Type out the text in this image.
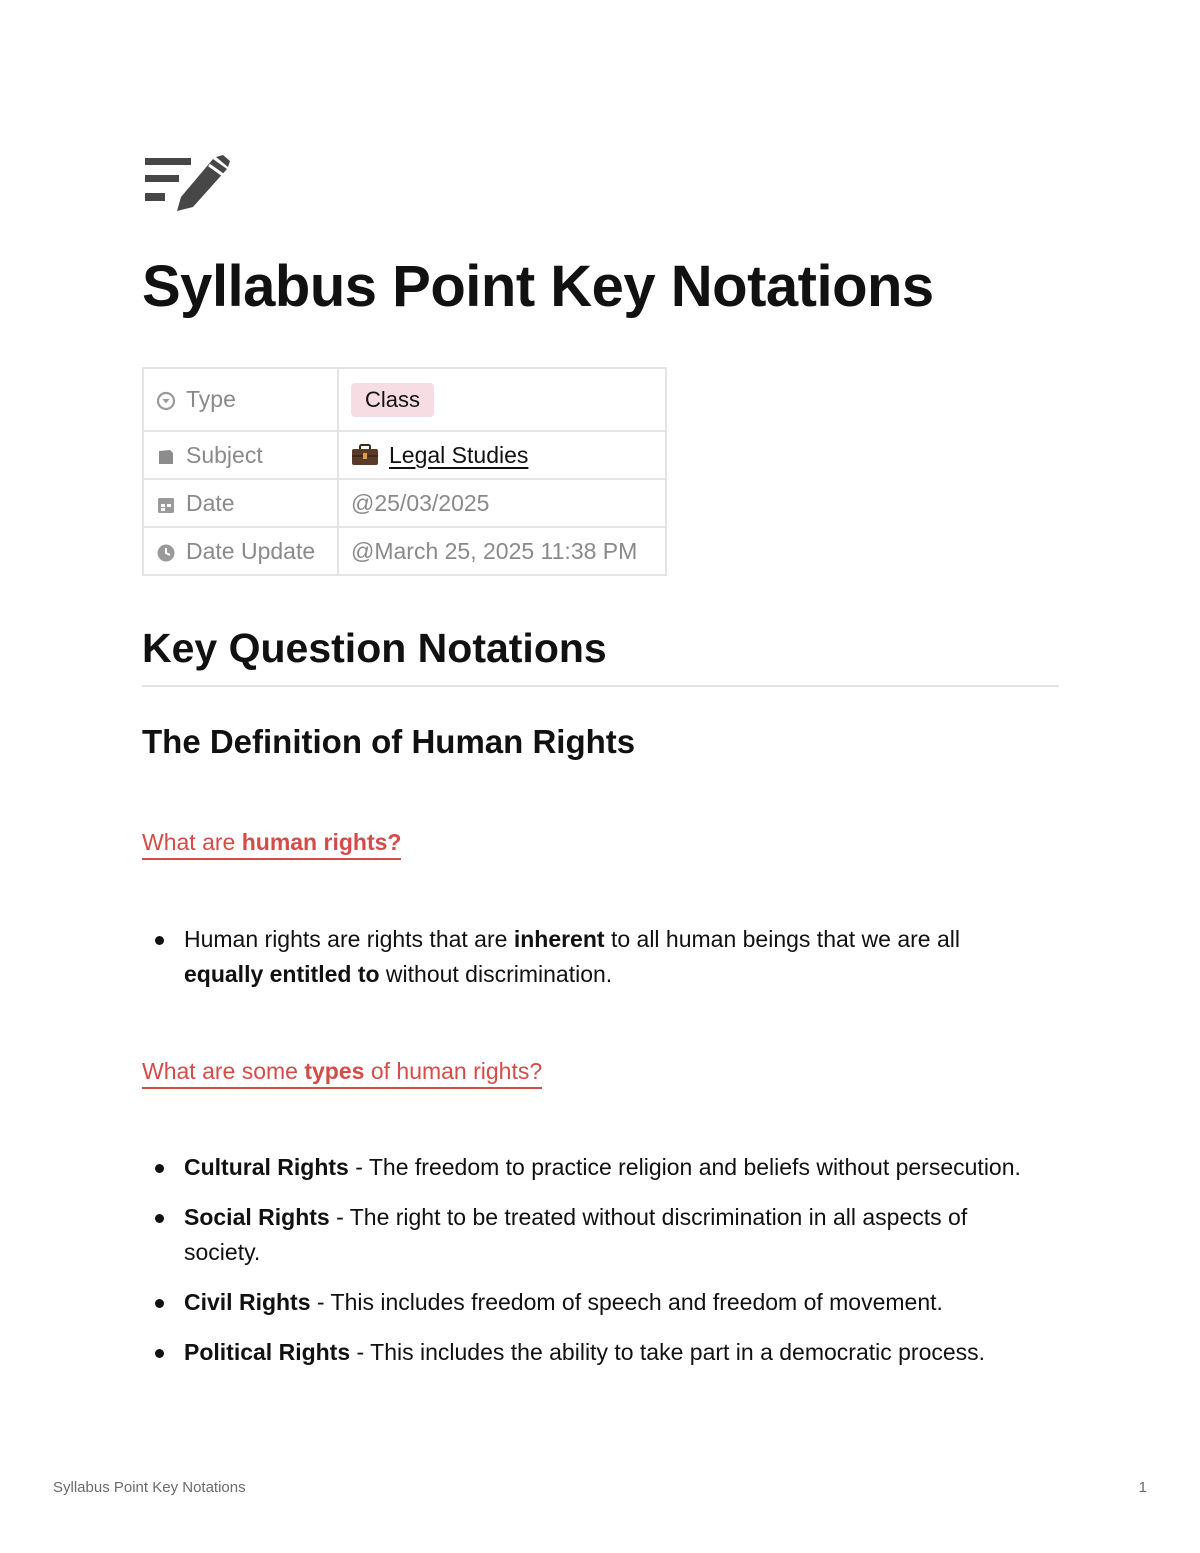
Syllabus Point Key Notations
Type	Class
Subject	Legal Studies
Date	@25/03/2025
Date Update	@March 25, 2025 11:38 PM
Key Question Notations
The Definition of Human Rights

What are human rights?

Human rights are rights that are inherent to all human beings that we are all equally entitled to without discrimination.

What are some types of human rights?

Cultural Rights - The freedom to practice religion and beliefs without persecution.
Social Rights - The right to be treated without discrimination in all aspects of society.
Civil Rights - This includes freedom of speech and freedom of movement.
Political Rights - This includes the ability to take part in a democratic process.
Syllabus Point Key Notations	1
